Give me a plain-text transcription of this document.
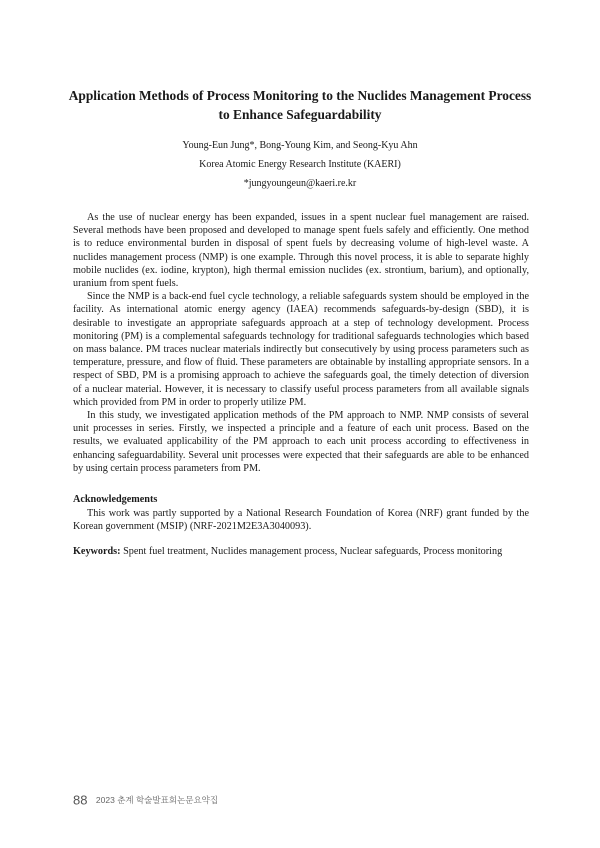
Application Methods of Process Monitoring to the Nuclides Management Process
to Enhance Safeguardability
Young-Eun Jung*, Bong-Young Kim, and Seong-Kyu Ahn
Korea Atomic Energy Research Institute (KAERI)
*jungyoungeun@kaeri.re.kr

As the use of nuclear energy has been expanded, issues in a spent nuclear fuel management are raised. Several methods have been proposed and developed to manage spent fuels safely and efficiently. One method is to reduce environmental burden in disposal of spent fuels by decreasing volume of high-level waste. A nuclides management process (NMP) is one example. Through this novel process, it is able to separate highly mobile nuclides (ex. iodine, krypton), high thermal emission nuclides (ex. strontium, barium), and optionally, uranium from spent fuels.

Since the NMP is a back-end fuel cycle technology, a reliable safeguards system should be employed in the facility. As international atomic energy agency (IAEA) recommends safeguards-by-design (SBD), it is desirable to investigate an appropriate safeguards approach at a step of technology development. Process monitoring (PM) is a complemental safeguards technology for traditional safeguards technologies which based on mass balance. PM traces nuclear materials indirectly but consecutively by using process parameters such as temperature, pressure, and flow of fluid. These parameters are obtainable by installing appropriate sensors. In a respect of SBD, PM is a promising approach to achieve the safeguards goal, the timely detection of diversion of a nuclear material. However, it is necessary to classify useful process parameters from all available signals which provided from PM in order to properly utilize PM.

In this study, we investigated application methods of the PM approach to NMP. NMP consists of several unit processes in series. Firstly, we inspected a principle and a feature of each unit process. Based on the results, we evaluated applicability of the PM approach to each unit process according to effectiveness in enhancing safeguardability. Several unit processes were expected that their safeguards are able to be enhanced by using certain process parameters from PM.

Acknowledgements

This work was partly supported by a National Research Foundation of Korea (NRF) grant funded by the Korean government (MSIP) (NRF-2021M2E3A3040093).

Keywords: Spent fuel treatment, Nuclides management process, Nuclear safeguards, Process monitoring
88 2023 춘계 학술발표회논문요약집
